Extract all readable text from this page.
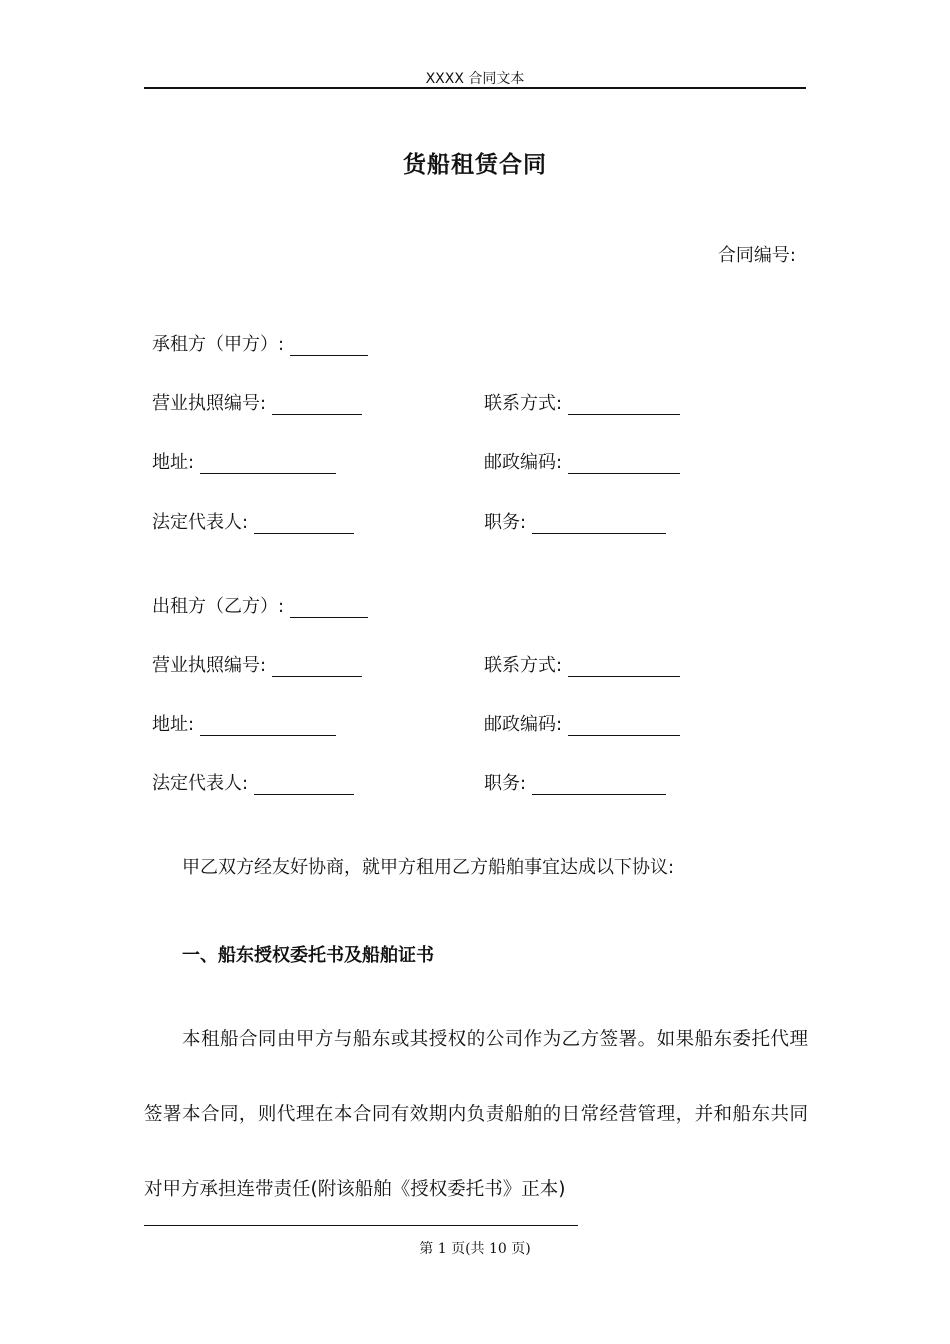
XXXX 合同文本
货船租赁合同
合同编号:
承租方（甲方）:
营业执照编号:	联系方式:
地址:	邮政编码:
法定代表人:	职务:
出租方（乙方）:
营业执照编号:	联系方式:
地址:	邮政编码:
法定代表人:	职务:
甲乙双方经友好协商，就甲方租用乙方船舶事宜达成以下协议:
一、船东授权委托书及船舶证书

本租船合同由甲方与船东或其授权的公司作为乙方签署。如果船东委托代理签署本合同，则代理在本合同有效期内负责船舶的日常经营管理，并和船东共同对甲方承担连带责任(附该船舶《授权委托书》正本)

第 1 页(共 10 页)
